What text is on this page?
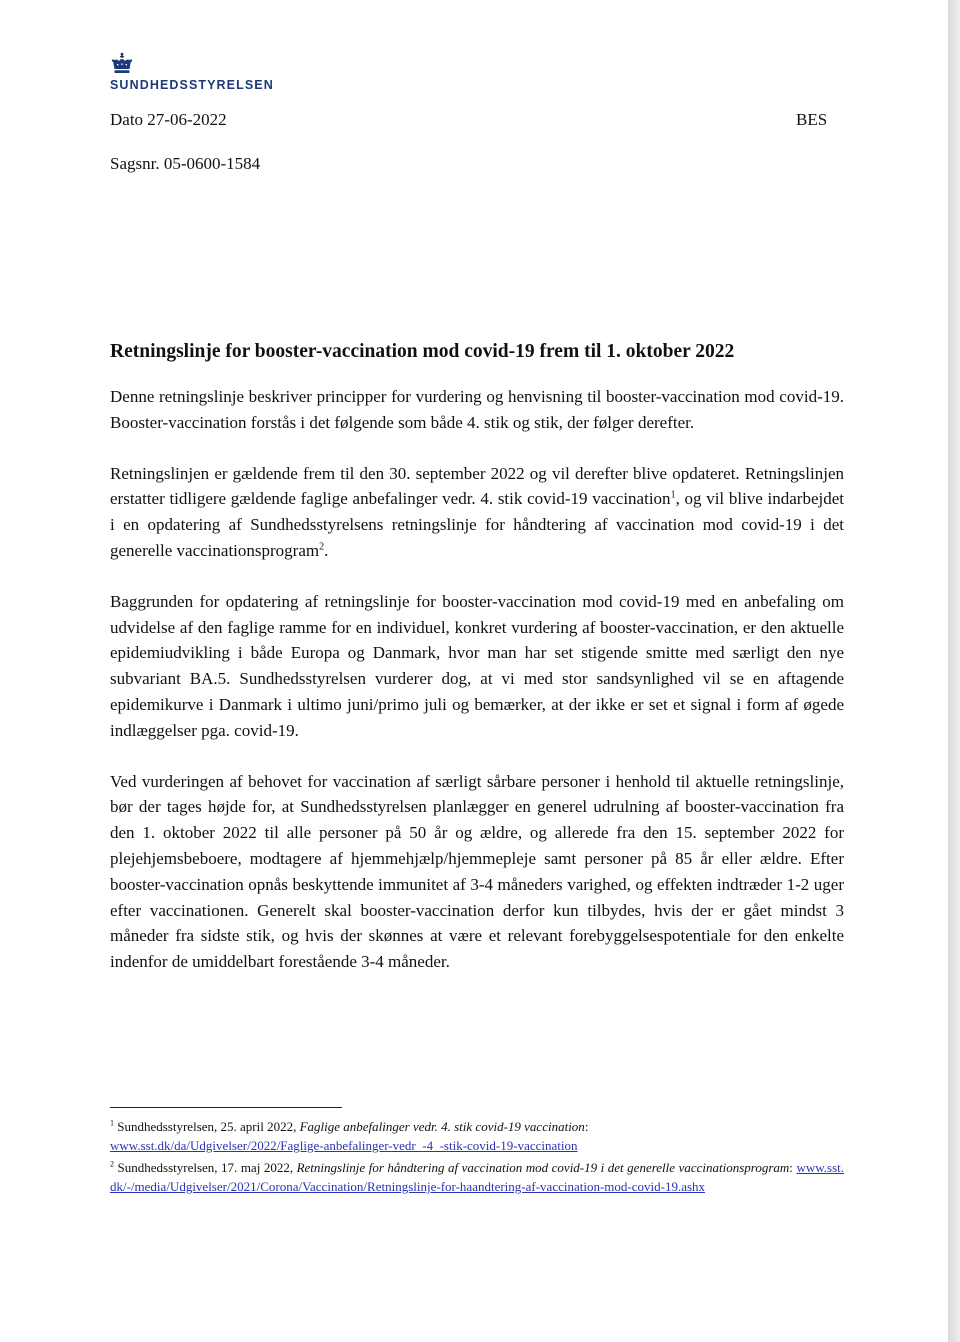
SUNDHEDSSTYRELSEN
Dato 27-06-2022	BES
Sagsnr. 05-0600-1584
Retningslinje for booster-vaccination mod covid-19 frem til 1. oktober 2022

Denne retningslinje beskriver principper for vurdering og henvisning til booster-vaccination mod covid-19. Booster-vaccination forstås i det følgende som både 4. stik og stik, der følger derefter.

Retningslinjen er gældende frem til den 30. september 2022 og vil derefter blive opdateret. Retningslinjen erstatter tidligere gældende faglige anbefalinger vedr. 4. stik covid-19 vaccination$^1$, og vil blive indarbejdet i en opdatering af Sundhedsstyrelsens retningslinje for håndtering af vaccination mod covid-19 i det generelle vaccinationsprogram$^2$.

Baggrunden for opdatering af retningslinje for booster-vaccination mod covid-19 med en anbefaling om udvidelse af den faglige ramme for en individuel, konkret vurdering af booster-vaccination, er den aktuelle epidemiudvikling i både Europa og Danmark, hvor man har set stigende smitte med særligt den nye subvariant BA.5. Sundhedsstyrelsen vurderer dog, at vi med stor sandsynlighed vil se en aftagende epidemikurve i Danmark i ultimo juni/primo juli og bemærker, at der ikke er set et signal i form af øgede indlæggelser pga. covid-19.

Ved vurderingen af behovet for vaccination af særligt sårbare personer i henhold til aktuelle retningslinje, bør der tages højde for, at Sundhedsstyrelsen planlægger en generel udrulning af booster-vaccination fra den 1. oktober 2022 til alle personer på 50 år og ældre, og allerede fra den 15. september 2022 for plejehjemsbeboere, modtagere af hjemmehjælp/hjemmepleje samt personer på 85 år eller ældre. Efter booster-vaccination opnås beskyttende immunitet af 3-4 måneders varighed, og effekten indtræder 1-2 uger efter vaccinationen. Generelt skal booster-vaccination derfor kun tilbydes, hvis der er gået mindst 3 måneder fra sidste stik, og hvis der skønnes at være et relevant forebyggelsespotentiale for den enkelte indenfor de umiddelbart forestående 3-4 måneder.

$^1$ Sundhedsstyrelsen, 25. april 2022, Faglige anbefalinger vedr. 4. stik covid-19 vaccination:
www.sst.dk/da/Udgivelser/2022/Faglige-anbefalinger-vedr_-4_-stik-covid-19-vaccination

$^2$ Sundhedsstyrelsen, 17. maj 2022, Retningslinje for håndtering af vaccination mod covid-19 i det generelle vaccinationsprogram: www.sst.dk/-/media/Udgivelser/2021/Corona/Vaccination/Retningslinje-for-haandtering-af-vaccination-mod-covid-19.ashx
